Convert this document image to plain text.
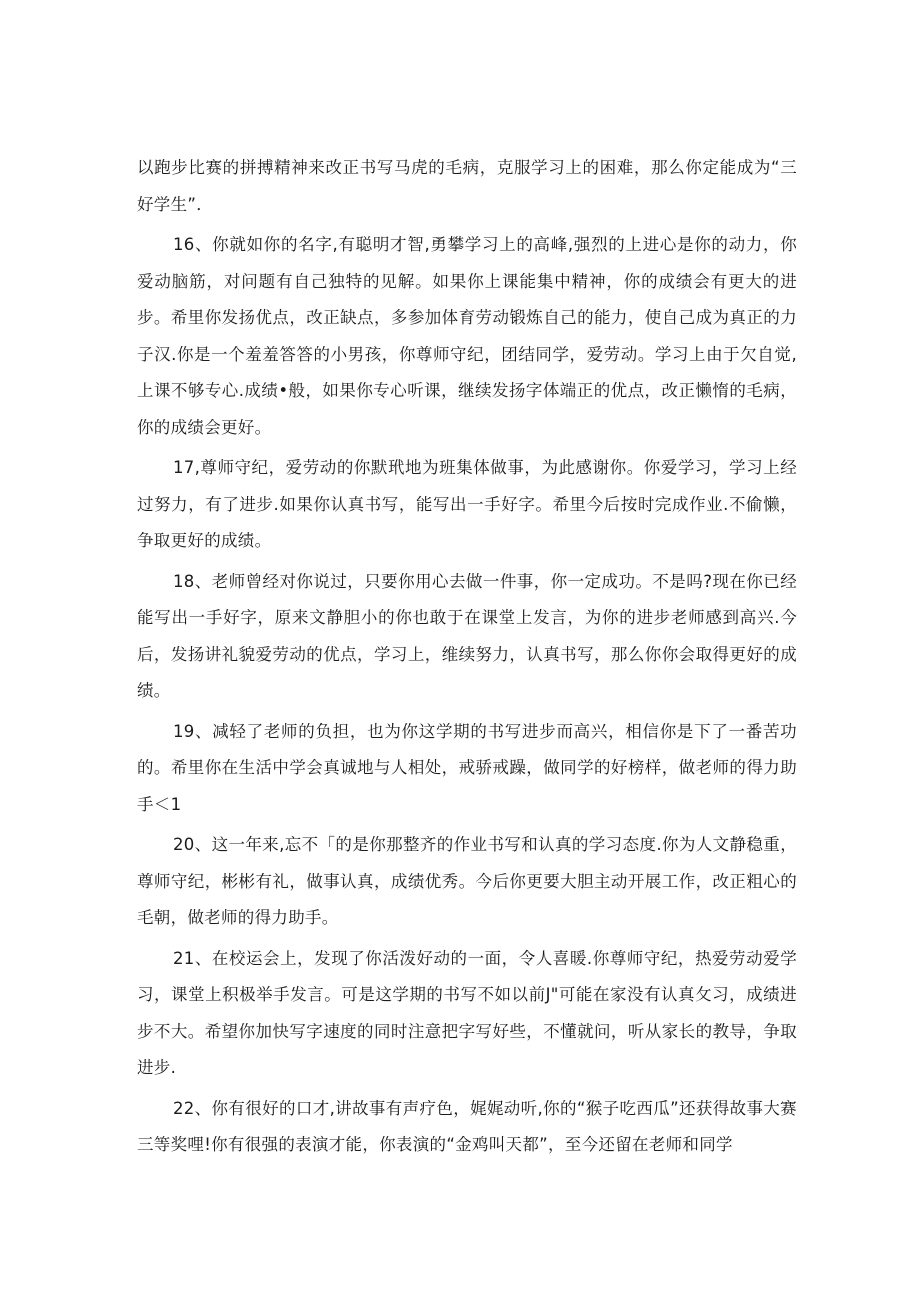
以跑步比赛的拼搏精神来改正书写马虎的毛病，克服学习上的困难，那么你定能成为“三好学生”．

16、你就如你的名字,有聪明才智,勇攀学习上的高峰,强烈的上进心是你的动力，你爱动脑筋，对问题有自己独特的见解。如果你上课能集中精神，你的成绩会有更大的进步。希里你发扬优点，改正缺点，多参加体育劳动锻炼自己的能力，使自己成为真正的力子汉.你是一个羞羞答答的小男孩，你尊师守纪，团结同学，爱劳动。学习上由于欠自觉,上课不够专心.成绩•般，如果你专心听课，继续发扬字体端正的优点，改正懒惰的毛病，你的成绩会更好。

17,尊师守纪，爱劳动的你默玳地为班集体做事，为此感谢你。你爱学习，学习上经过努力，有了进步.如果你认真书写，能写出一手好字。希里今后按时完成作业.不偷懒，争取更好的成绩。

18、老师曾经对你说过，只要你用心去做一件事，你一定成功。不是吗?现在你已经能写出一手好字，原来文静胆小的你也敢于在课堂上发言，为你的进步老师感到高兴.今后，发扬讲礼貌爱劳动的优点，学习上，维续努力，认真书写，那么你你会取得更好的成绩。

19、减轻了老师的负担，也为你这学期的书写进步而高兴，相信你是下了一番苦功的。希里你在生活中学会真诚地与人相处，戒骄戒躁，做同学的好榜样，做老师的得力助手＜1

20、这一年来,忘不「的是你那整齐的作业书写和认真的学习态度.你为人文静稳重，尊师守纪，彬彬有礼，做事认真，成绩优秀。今后你更要大胆主动开展工作，改正粗心的毛朝，做老师的得力助手。

21、在校运会上，发现了你活泼好动的一面，令人喜暖.你尊师守纪，热爱劳动爱学习，课堂上积极举手发言。可是这学期的书写不如以前J"可能在家没有认真攵习，成绩进步不大。希望你加快写字速度的同时注意把字写好些，不懂就问，听从家长的教导，争取进步.

22、你有很好的口才,讲故事有声疗色，娓娓动听,你的“猴子吃西瓜”还获得故事大赛三等奖哩!你有很强的表演才能，你表演的“金鸡叫天都”，至今还留在老师和同学
